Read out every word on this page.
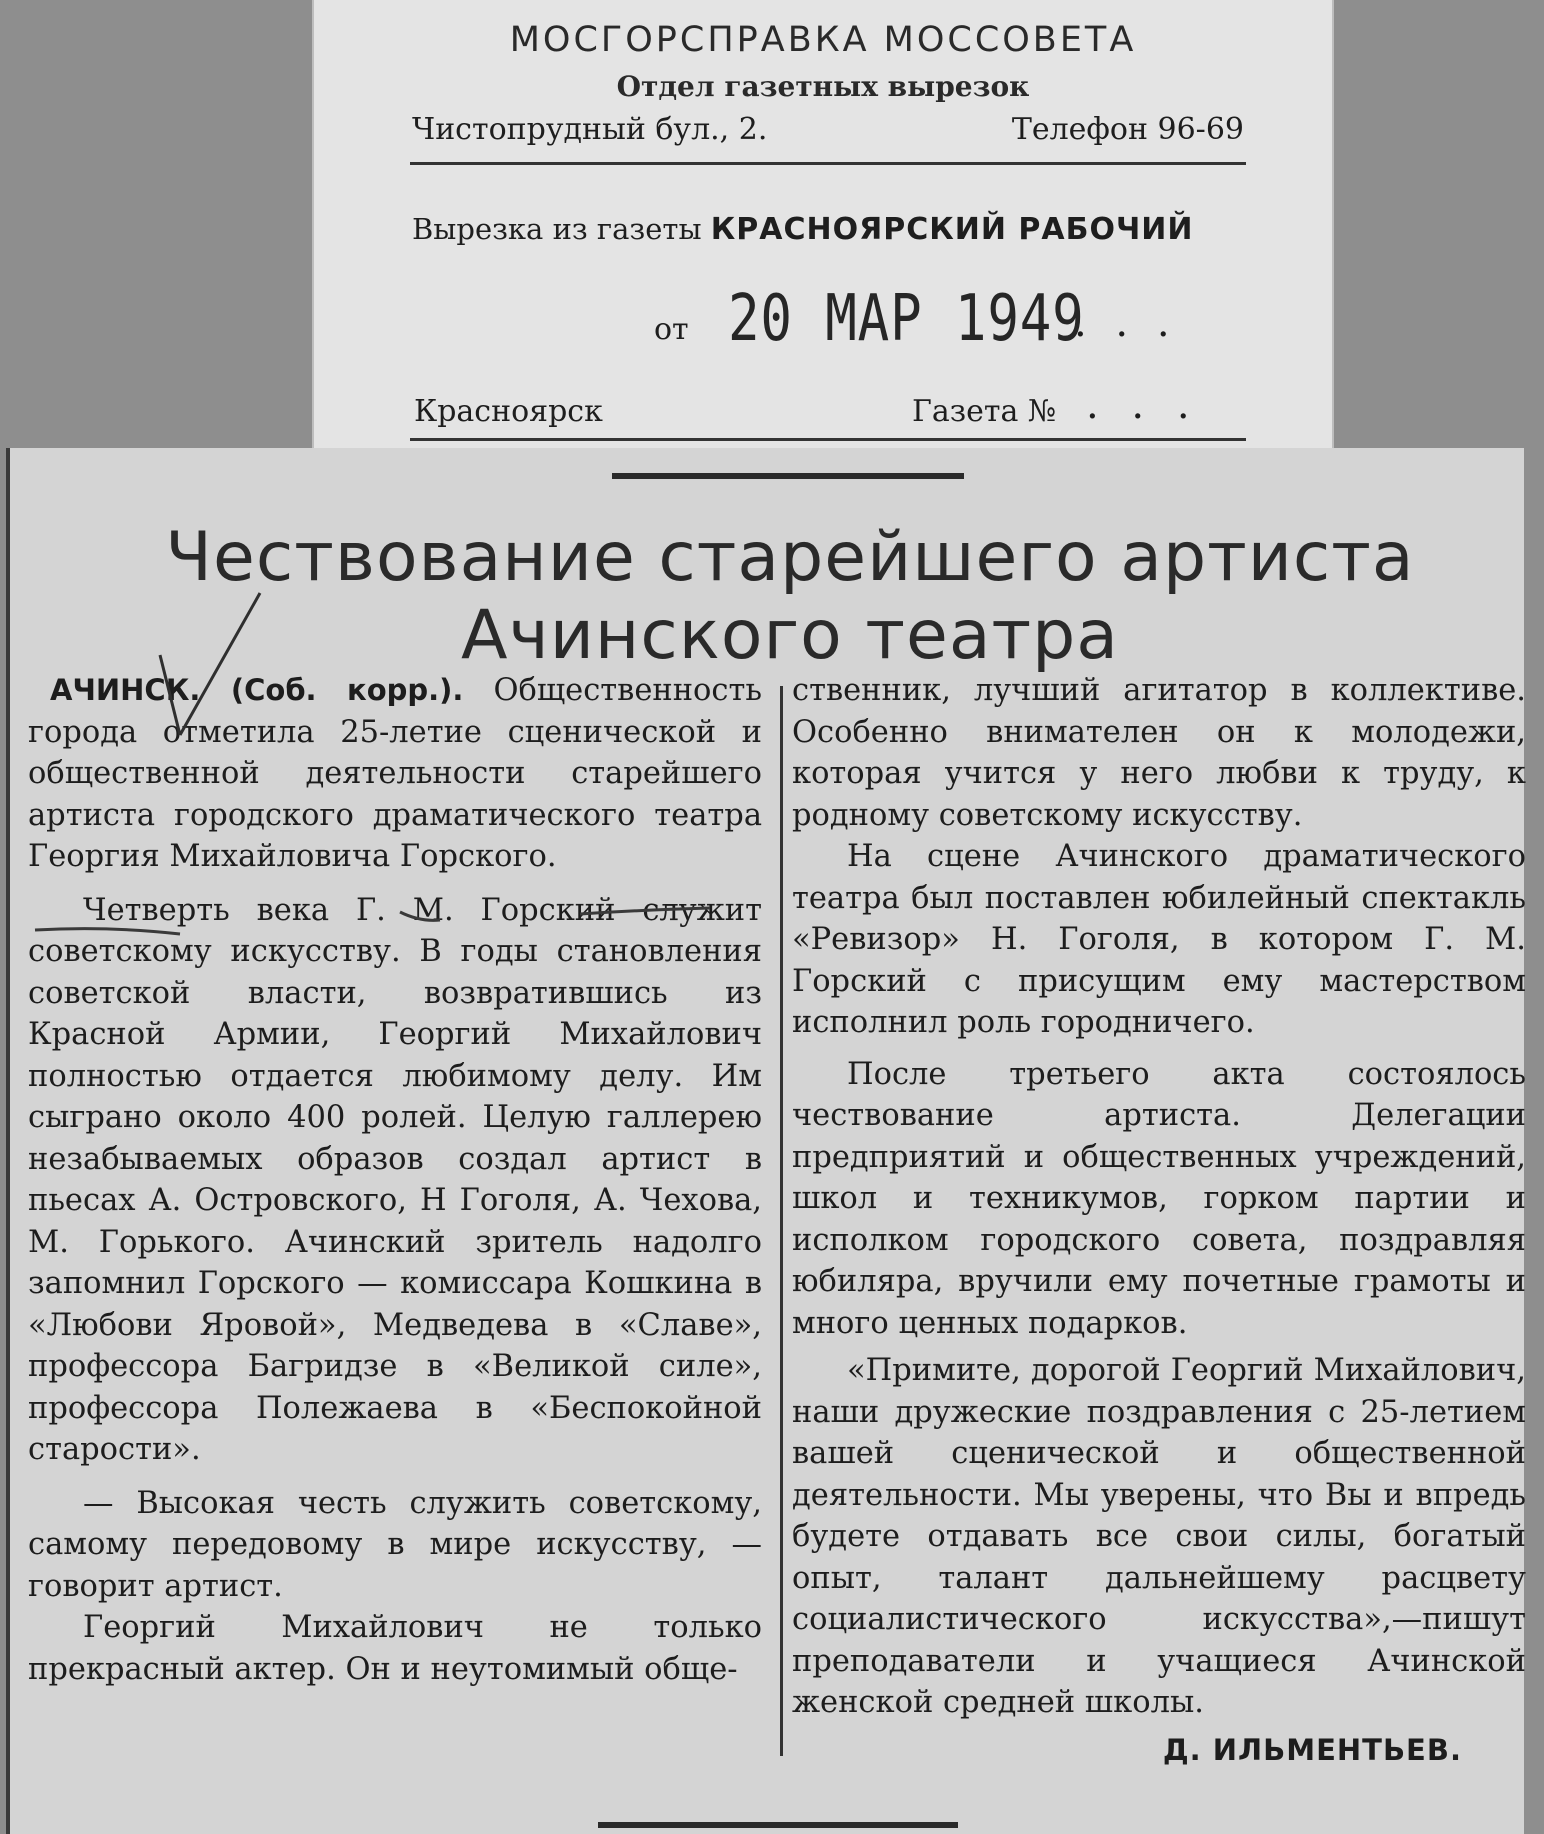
МОСГОРСПРАВКА МОССОВЕТА
Отдел газетных вырезок
Чистопрудный бул., 2.	Телефон 96-69
Вырезка из газеты КРАСНОЯРСКИЙ РАБОЧИЙ
от 20 МАР 1949
. . .
Красноярск	Газета № . . .
Чествование старейшего артиста
Ачинского театра

АЧИНСК. (Соб. корр.). Общественность города отметила 25-летие сценической и общественной деятельности старейшего артиста городского драматического театра Георгия Михайловича Горского.

Четверть века Г. М. Горский служит советскому искусству. В годы становления советской власти, возвратившись из Красной Армии, Георгий Михайлович полностью отдается любимому делу. Им сыграно около 400 ролей. Целую галлерею незабываемых образов создал артист в пьесах А. Островского, Н Гоголя, А. Чехова, М. Горького. Ачинский зритель надолго запомнил Горского — комиссара Кошкина в «Любови Яровой», Медведева в «Славе», профессора Багридзе в «Великой силе», профессора Полежаева в «Беспокойной старости».

— Высокая честь служить советскому, самому передовому в мире искусству, — говорит артист.

Георгий Михайлович не только прекрасный актер. Он и неутомимый обще-

ственник, лучший агитатор в коллективе. Особенно внимателен он к молодежи, которая учится у него любви к труду, к родному советскому искусству.

На сцене Ачинского драматического театра был поставлен юбилейный спектакль «Ревизор» Н. Гоголя, в котором Г. М. Горский с присущим ему мастерством исполнил роль городничего.

После третьего акта состоялось чествование артиста. Делегации предприятий и общественных учреждений, школ и техникумов, горком партии и исполком городского совета, поздравляя юбиляра, вручили ему почетные грамоты и много ценных подарков.

«Примите, дорогой Георгий Михайлович, наши дружеские поздравления с 25-летием вашей сценической и общественной деятельности. Мы уверены, что Вы и впредь будете отдавать все свои силы, богатый опыт, талант дальнейшему расцвету социалистического искусства»,—пишут преподаватели и учащиеся Ачинской женской средней школы.

Д. ИЛЬМЕНТЬЕВ.
